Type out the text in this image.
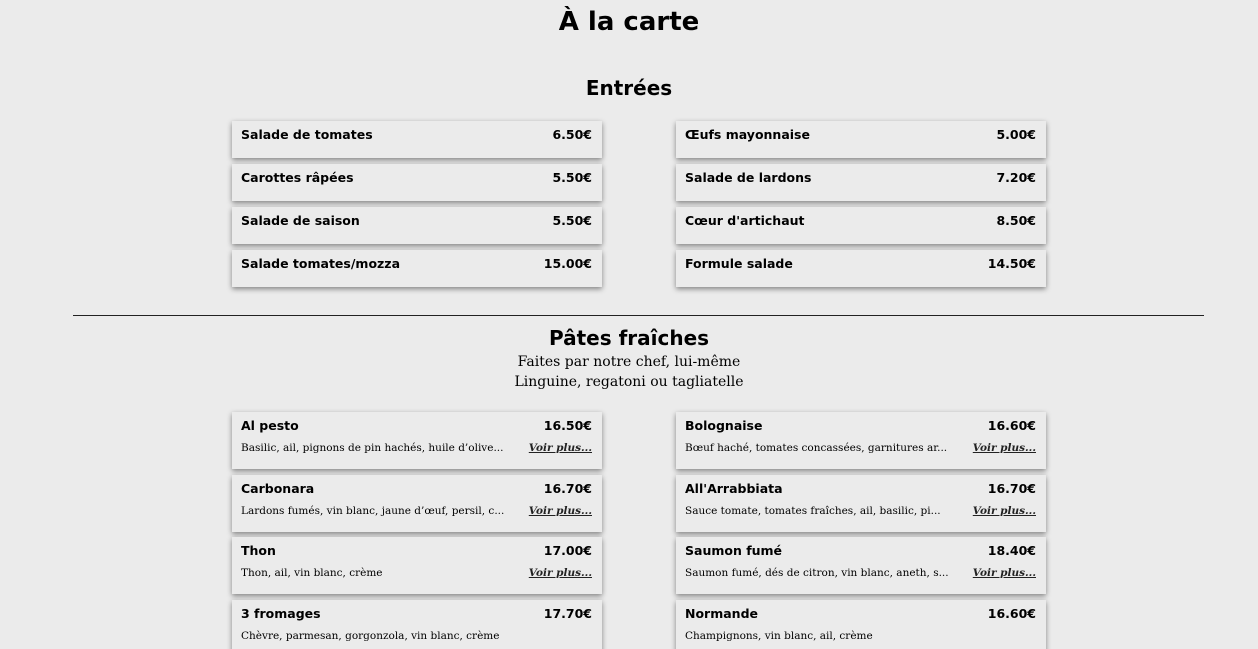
À la carte
Entrées
Salade de tomates	6.50€	Œufs mayonnaise	5.00€
Carottes râpées	5.50€	Salade de lardons	7.20€
Salade de saison	5.50€	Cœur d'artichaut	8.50€
Salade tomates/mozza	15.00€	Formule salade	14.50€
Pâtes fraîches
Faites par notre chef, lui-même
Linguine, regatoni ou tagliatelle
Al pesto	16.50€
Basilic, ail, pignons de pin hachés, huile d’olive... Voir plus...
Bolognaise	16.60€
Bœuf haché, tomates concassées, garnitures ar... Voir plus...
Carbonara	16.70€
Lardons fumés, vin blanc, jaune d’œuf, persil, c... Voir plus...
All'Arrabbiata	16.70€
Sauce tomate, tomates fraîches, ail, basilic, pi...	Voir plus...
Thon	17.00€
Thon, ail, vin blanc, crème	Voir plus...
Saumon fumé	18.40€
Saumon fumé, dés de citron, vin blanc, aneth, s... Voir plus...
3 fromages	17.70€
Chèvre, parmesan, gorgonzola, vin blanc, crème
Normande	16.60€
Champignons, vin blanc, ail, crème
